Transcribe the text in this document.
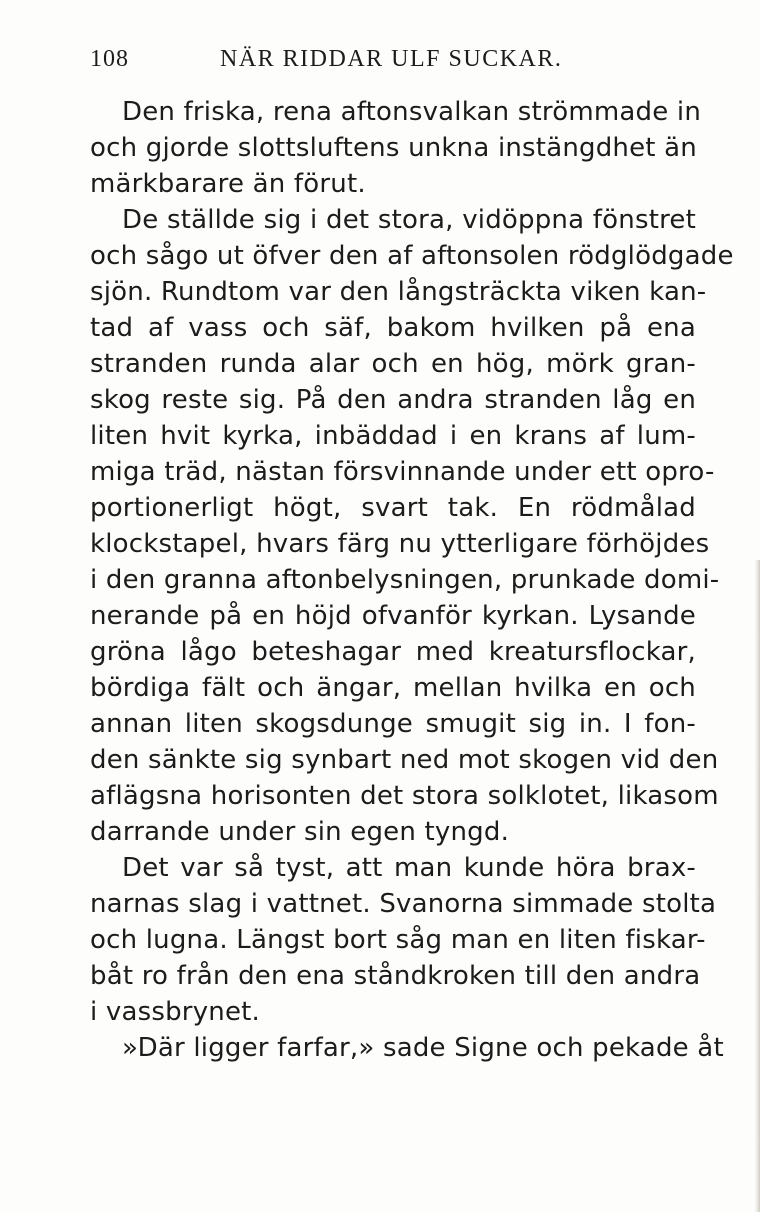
108	NÄR RIDDAR ULF SUCKAR.
Den friska, rena aftonsvalkan strömmade in
och gjorde slottsluftens unkna instängdhet än
märkbarare än förut.
De ställde sig i det stora, vidöppna fönstret
och sågo ut öfver den af aftonsolen rödglödgade
sjön. Rundtom var den långsträckta viken kan-
tad af vass och säf, bakom hvilken på ena
stranden runda alar och en hög, mörk gran-
skog reste sig. På den andra stranden låg en
liten hvit kyrka, inbäddad i en krans af lum-
miga träd, nästan försvinnande under ett opro-
portionerligt högt, svart tak. En rödmålad
klockstapel, hvars färg nu ytterligare förhöjdes
i den granna aftonbelysningen, prunkade domi-
nerande på en höjd ofvanför kyrkan. Lysande
gröna lågo beteshagar med kreatursflockar,
bördiga fält och ängar, mellan hvilka en och
annan liten skogsdunge smugit sig in. I fon-
den sänkte sig synbart ned mot skogen vid den
aflägsna horisonten det stora solklotet, likasom
darrande under sin egen tyngd.
Det var så tyst, att man kunde höra brax-
narnas slag i vattnet. Svanorna simmade stolta
och lugna. Längst bort såg man en liten fiskar-
båt ro från den ena ståndkroken till den andra
i vassbrynet.
»Där ligger farfar,» sade Signe och pekade åt
